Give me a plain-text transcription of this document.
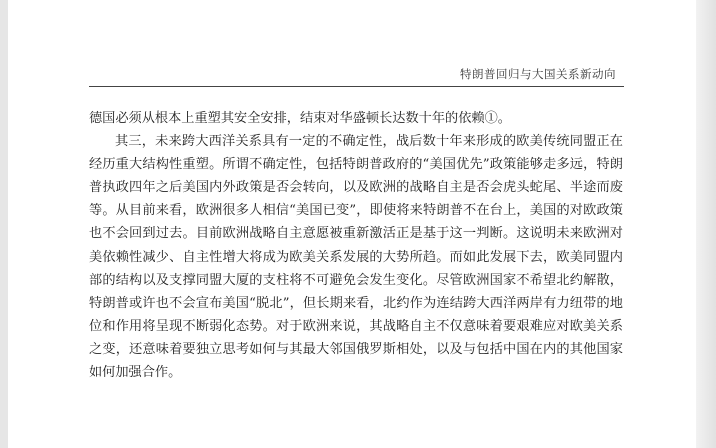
特朗普回归与大国关系新动向

德国必须从根本上重塑其安全安排，结束对华盛顿长达数十年的依赖①。

其三，未来跨大西洋关系具有一定的不确定性，战后数十年来形成的欧美传统同盟正在经历重大结构性重塑。所谓不确定性，包括特朗普政府的“美国优先”政策能够走多远，特朗普执政四年之后美国内外政策是否会转向，以及欧洲的战略自主是否会虎头蛇尾、半途而废等。从目前来看，欧洲很多人相信“美国已变”，即使将来特朗普不在台上，美国的对欧政策也不会回到过去。目前欧洲战略自主意愿被重新激活正是基于这一判断。这说明未来欧洲对美依赖性减少、自主性增大将成为欧美关系发展的大势所趋。而如此发展下去，欧美同盟内部的结构以及支撑同盟大厦的支柱将不可避免会发生变化。尽管欧洲国家不希望北约解散，特朗普或许也不会宣布美国“脱北”，但长期来看，北约作为连结跨大西洋两岸有力纽带的地位和作用将呈现不断弱化态势。对于欧洲来说，其战略自主不仅意味着要艰难应对欧美关系之变，还意味着要独立思考如何与其最大邻国俄罗斯相处，以及与包括中国在内的其他国家如何加强合作。
